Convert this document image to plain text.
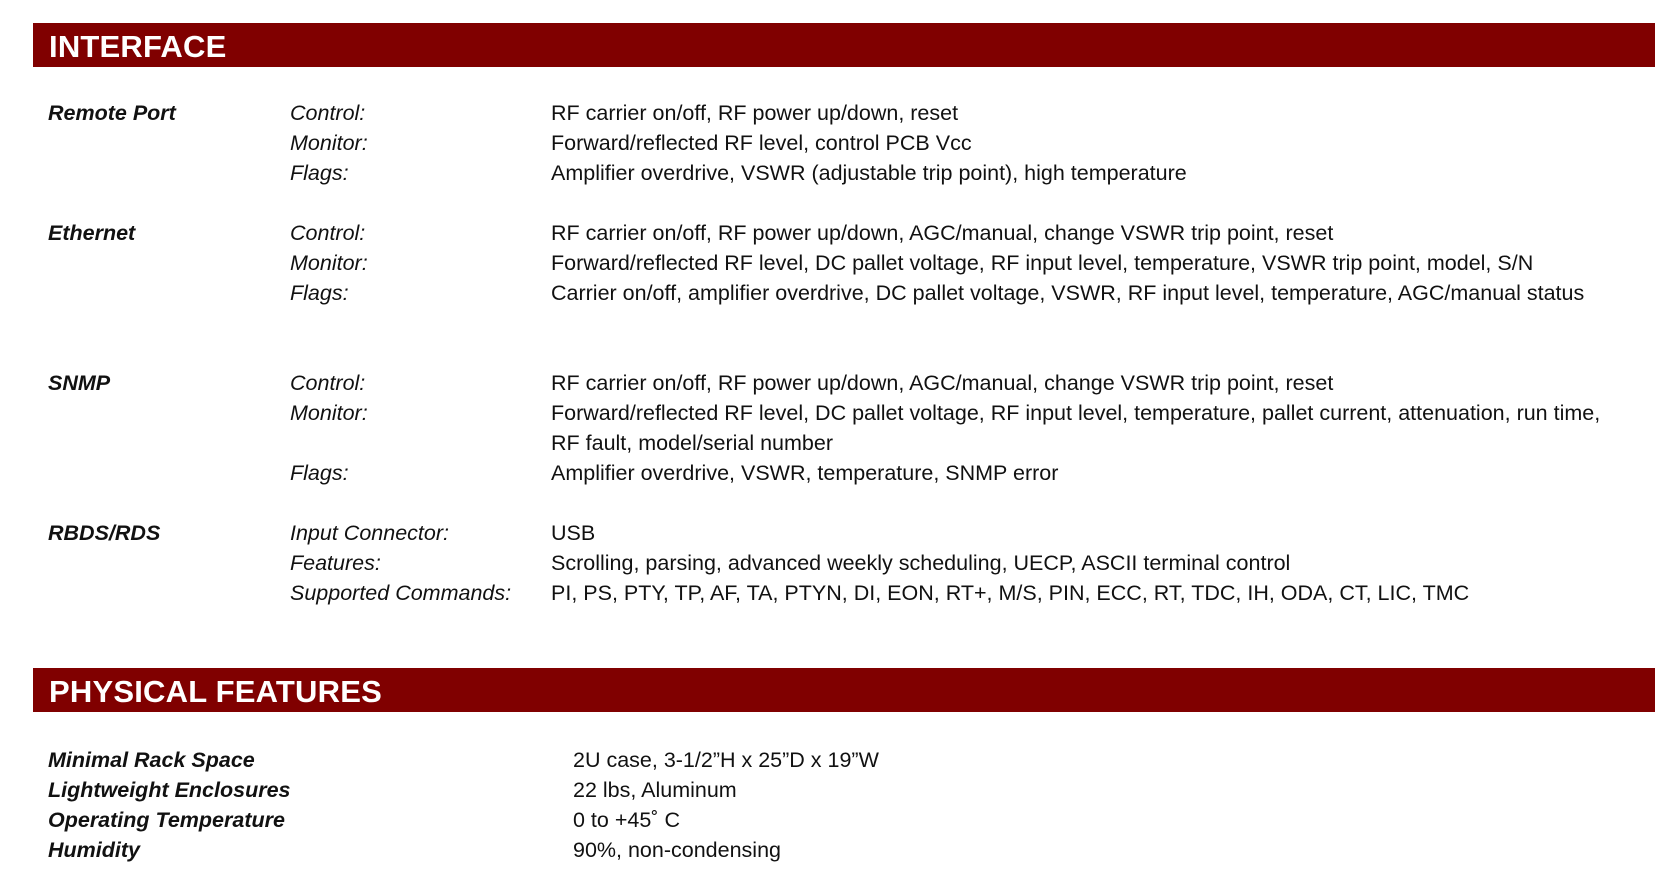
INTERFACE
Remote Port	Control:	RF carrier on/off, RF power up/down, reset
Monitor:	Forward/reflected RF level, control PCB Vcc
Flags:	Amplifier overdrive, VSWR (adjustable trip point), high temperature
Ethernet	Control:	RF carrier on/off, RF power up/down, AGC/manual, change VSWR trip point, reset
Monitor:	Forward/reflected RF level, DC pallet voltage, RF input level, temperature, VSWR trip point, model, S/N
Flags:	Carrier on/off, amplifier overdrive, DC pallet voltage, VSWR, RF input level, temperature, AGC/manual status
SNMP	Control:	RF carrier on/off, RF power up/down, AGC/manual, change VSWR trip point, reset
Monitor:	Forward/reflected RF level, DC pallet voltage, RF input level, temperature, pallet current, attenuation, run time, RF fault, model/serial number
Flags:	Amplifier overdrive, VSWR, temperature, SNMP error
RBDS/RDS	Input Connector:	USB
Features:	Scrolling, parsing, advanced weekly scheduling, UECP, ASCII terminal control
Supported Commands: PI, PS, PTY, TP, AF, TA, PTYN, DI, EON, RT+, M/S, PIN, ECC, RT, TDC, IH, ODA, CT, LIC, TMC
PHYSICAL FEATURES
Minimal Rack Space	2U case, 3-1/2”H x 25”D x 19”W
Lightweight Enclosures	22 lbs, Aluminum
Operating Temperature	0 to +45˚ C
Humidity	90%, non-condensing
